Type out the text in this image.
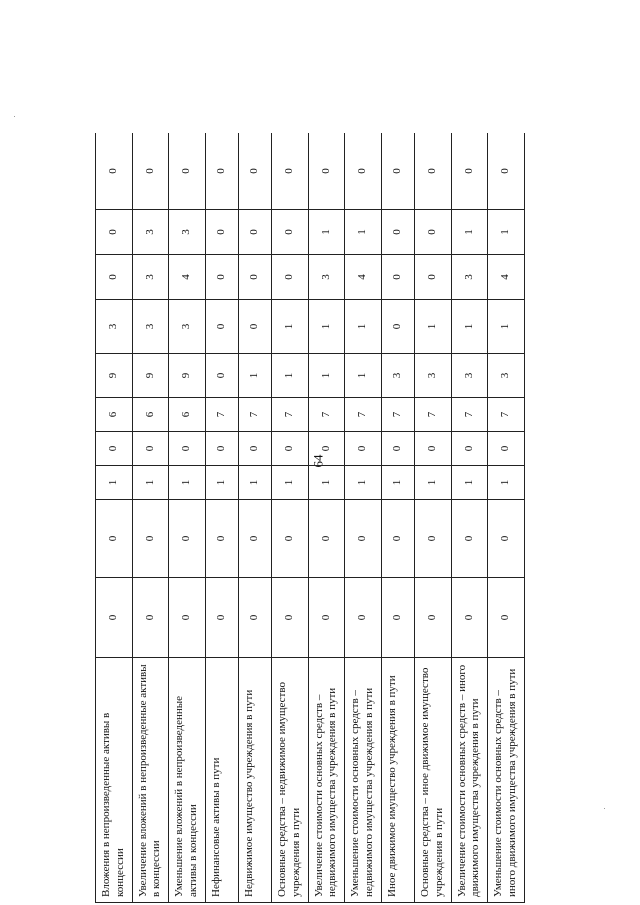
64
Вложения в непроизведенные активы в концессии	0	0	1	0	6	9	3	0	0	0
Увеличение вложений в непроизведенные активы в концессии	0	0	1	0	6	9	3	3	3	0
Уменьшение вложений в непроизведенные активы в концессии	0	0	1	0	6	9	3	4	3	0
Нефинансовые активы в пути	0	0	1	0	7	0	0	0	0	0
Недвижимое имущество учреждения в пути	0	0	1	0	7	1	0	0	0	0
Основные средства – недвижимое имущество учреждения в пути	0	0	1	0	7	1	1	0	0	0
Увеличение стоимости основных средств – недвижимого имущества учреждения в пути	0	0	1	0	7	1	1	3	1	0
Уменьшение стоимости основных средств – недвижимого имущества учреждения в пути	0	0	1	0	7	1	1	4	1	0
Иное движимое имущество учреждения в пути	0	0	1	0	7	3	0	0	0	0
Основные средства – иное движимое имущество учреждения в пути	0	0	1	0	7	3	1	0	0	0
Увеличение стоимости основных средств – иного движимого имущества учреждения в пути	0	0	1	0	7	3	1	3	1	0
Уменьшение стоимости основных средств – иного движимого имущества учреждения в пути	0	0	1	0	7	3	1	4	1	0
